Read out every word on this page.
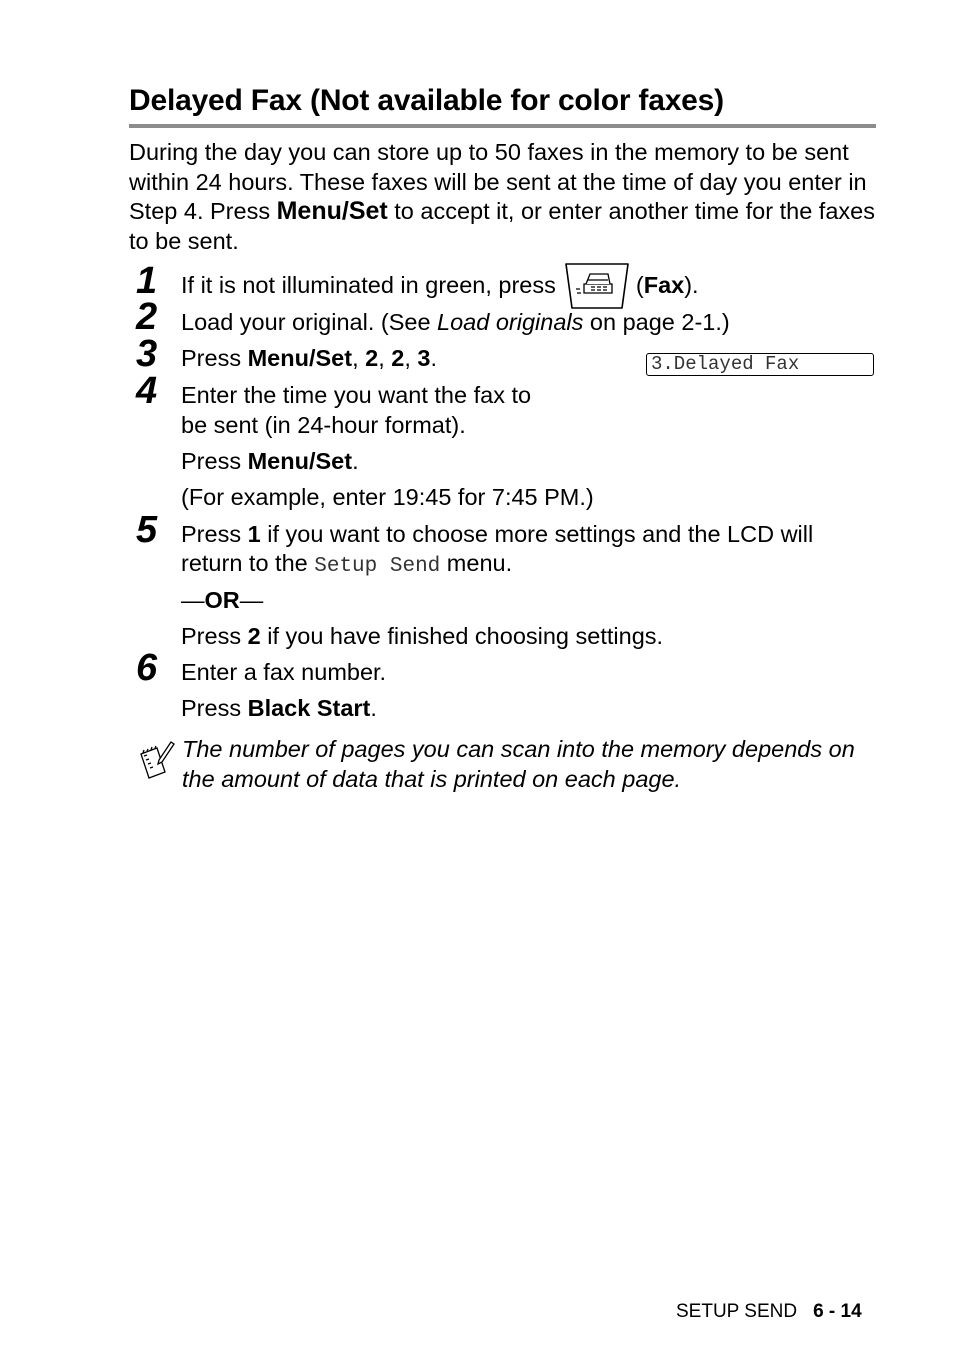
Delayed Fax (Not available for color faxes)

During the day you can store up to 50 faxes in the memory to be sent within 24 hours. These faxes will be sent at the time of day you enter in Step 4. Press Menu/Set to accept it, or enter another time for the faxes to be sent.

1	If it is not illuminated in green, press	(Fax).
2	Load your original. (See Load originals on page 2-1.)
3	Press Menu/Set, 2, 2, 3.	3.Delayed Fax
4	Enter the time you want the fax to
be sent (in 24-hour format).
Press Menu/Set.
(For example, enter 19:45 for 7:45 PM.)
5	Press 1 if you want to choose more settings and the LCD will
return to the Setup Send menu.
—OR—
Press 2 if you have finished choosing settings.
6	Enter a fax number.
Press Black Start.

The number of pages you can scan into the memory depends on the amount of data that is printed on each page.

SETUP SEND 6 - 14
